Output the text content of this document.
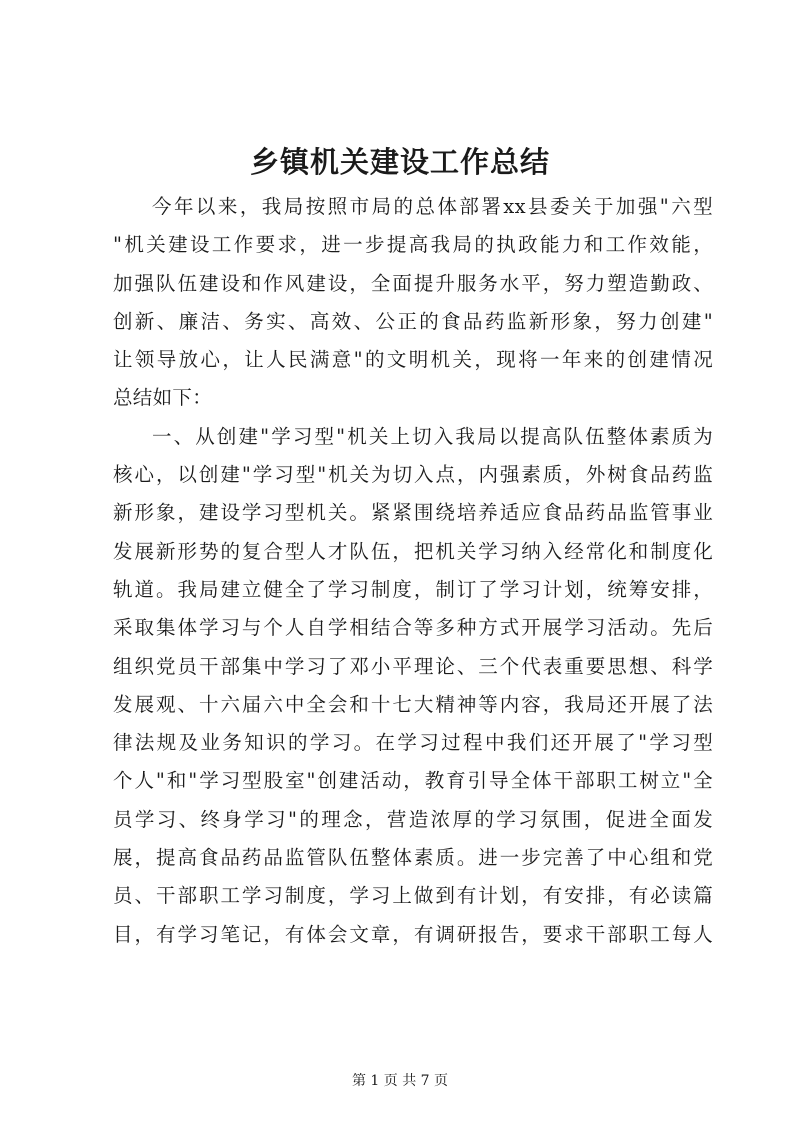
乡镇机关建设工作总结
今年以来，我局按照市局的总体部署xx县委关于加强"六型
"机关建设工作要求，进一步提高我局的执政能力和工作效能，
加强队伍建设和作风建设，全面提升服务水平，努力塑造勤政、
创新、廉洁、务实、高效、公正的食品药监新形象，努力创建"
让领导放心，让人民满意"的文明机关，现将一年来的创建情况
总结如下：
一、从创建"学习型"机关上切入我局以提高队伍整体素质为
核心，以创建"学习型"机关为切入点，内强素质，外树食品药监
新形象，建设学习型机关。紧紧围绕培养适应食品药品监管事业
发展新形势的复合型人才队伍，把机关学习纳入经常化和制度化
轨道。我局建立健全了学习制度，制订了学习计划，统筹安排，
采取集体学习与个人自学相结合等多种方式开展学习活动。先后
组织党员干部集中学习了邓小平理论、三个代表重要思想、科学
发展观、十六届六中全会和十七大精神等内容，我局还开展了法
律法规及业务知识的学习。在学习过程中我们还开展了"学习型
个人"和"学习型股室"创建活动，教育引导全体干部职工树立"全
员学习、终身学习"的理念，营造浓厚的学习氛围，促进全面发
展，提高食品药品监管队伍整体素质。进一步完善了中心组和党
员、干部职工学习制度，学习上做到有计划，有安排，有必读篇
目，有学习笔记，有体会文章，有调研报告，要求干部职工每人
第 1 页 共 7 页
